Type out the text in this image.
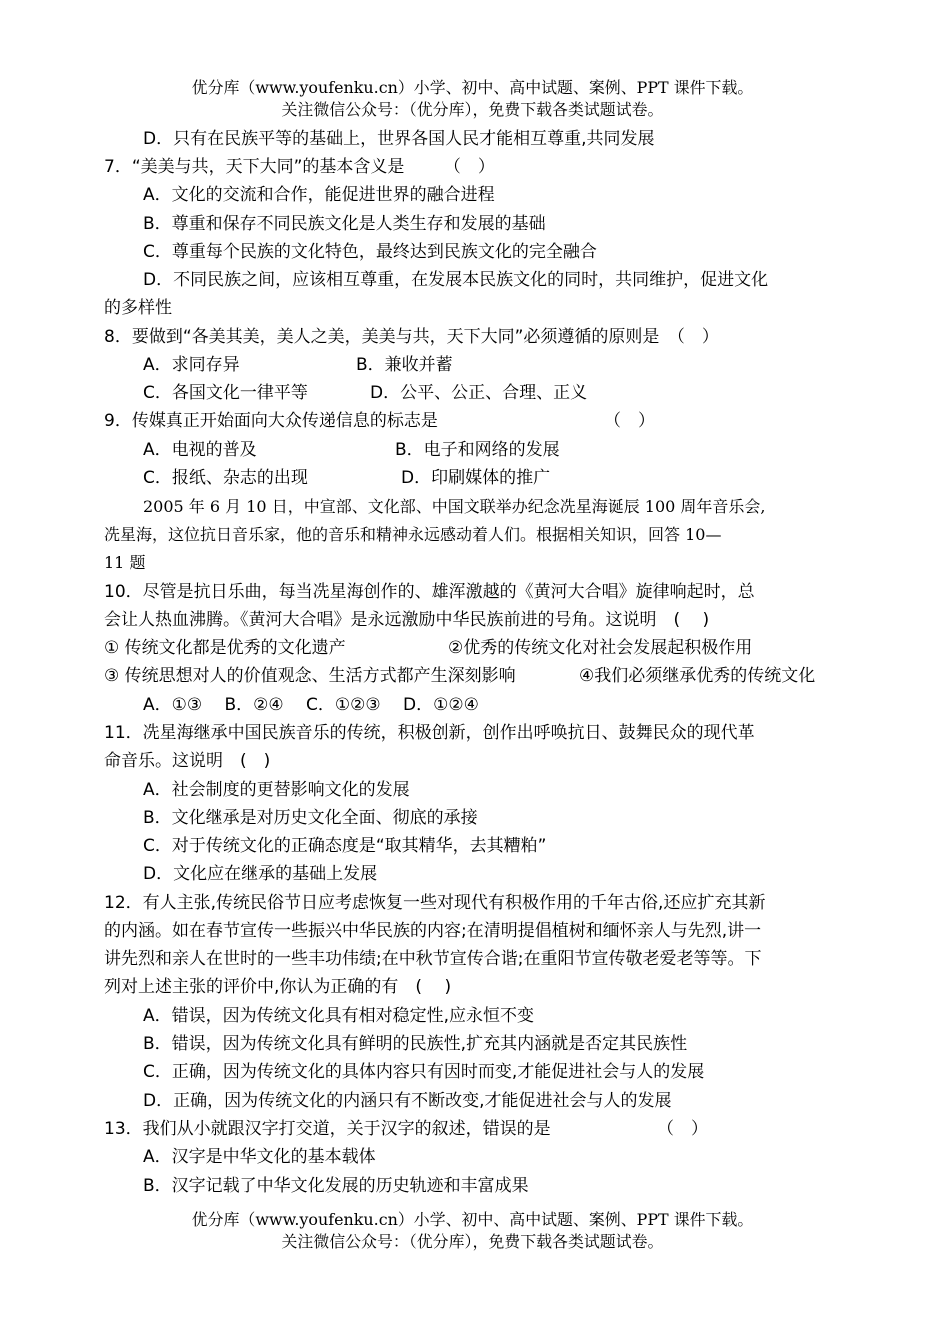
优分库（www.youfenku.cn）小学、初中、高中试题、案例、PPT 课件下载。
关注微信公众号：（优分库），免费下载各类试题试卷。
D．只有在民族平等的基础上，世界各国人民才能相互尊重,共同发展
7．“美美与共，天下大同”的基本含义是　　 （　）
A．文化的交流和合作，能促进世界的融合进程
B．尊重和保存不同民族文化是人类生存和发展的基础
C．尊重每个民族的文化特色，最终达到民族文化的完全融合
D．不同民族之间，应该相互尊重，在发展本民族文化的同时，共同维护，促进文化
的多样性
8．要做到“各美其美，美人之美，美美与共，天下大同”必须遵循的原则是　（　）
A．求同存异	B．兼收并蓄
C．各国文化一律平等	D．公平、公正、合理、正义
9．传媒真正开始面向大众传递信息的标志是	（　）
A．电视的普及	B．电子和网络的发展
C．报纸、杂志的出现	D．印刷媒体的推广
2005 年 6 月 10 日，中宣部、文化部、中国文联举办纪念冼星海诞辰 100 周年音乐会,
冼星海，这位抗日音乐家，他的音乐和精神永远感动着人们。根据相关知识，回答 10—
11 题
10．尽管是抗日乐曲，每当冼星海创作的、雄浑激越的《黄河大合唱》旋律响起时，总
会让人热血沸腾。《黄河大合唱》是永远激励中华民族前进的号角。这说明　(　 )
① 传统文化都是优秀的文化遗产	②优秀的传统文化对社会发展起积极作用
③ 传统思想对人的价值观念、生活方式都产生深刻影响	④我们必须继承优秀的传统文化
A．①③　 B．②④　 C．①②③　 D．①②④
11．冼星海继承中国民族音乐的传统，积极创新，创作出呼唤抗日、鼓舞民众的现代革
命音乐。这说明　(　)
A．社会制度的更替影响文化的发展
B．文化继承是对历史文化全面、彻底的承接
C．对于传统文化的正确态度是“取其精华，去其糟粕”
D．文化应在继承的基础上发展
12．有人主张,传统民俗节日应考虑恢复一些对现代有积极作用的千年古俗,还应扩充其新
的内涵。如在春节宣传一些振兴中华民族的内容;在清明提倡植树和缅怀亲人与先烈,讲一
讲先烈和亲人在世时的一些丰功伟绩;在中秋节宣传合谐;在重阳节宣传敬老爱老等等。下
列对上述主张的评价中,你认为正确的有　(　 )
A．错误，因为传统文化具有相对稳定性,应永恒不变
B．错误，因为传统文化具有鲜明的民族性,扩充其内涵就是否定其民族性
C．正确，因为传统文化的具体内容只有因时而变,才能促进社会与人的发展
D．正确，因为传统文化的内涵只有不断改变,才能促进社会与人的发展
13．我们从小就跟汉字打交道，关于汉字的叙述，错误的是	（　）
A．汉字是中华文化的基本载体
B．汉字记载了中华文化发展的历史轨迹和丰富成果
优分库（www.youfenku.cn）小学、初中、高中试题、案例、PPT 课件下载。
关注微信公众号：（优分库），免费下载各类试题试卷。
